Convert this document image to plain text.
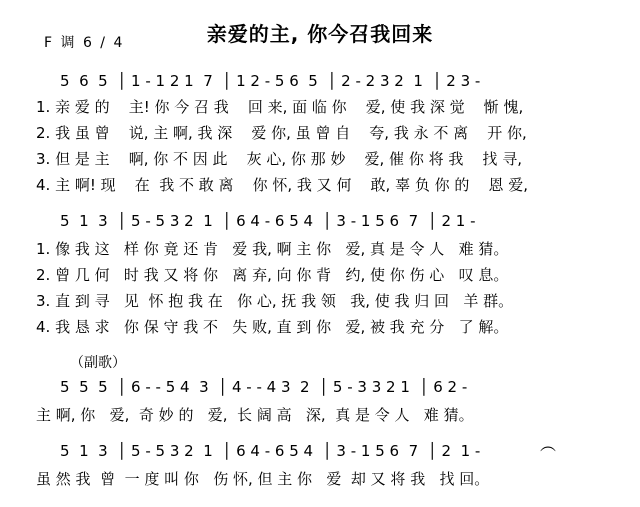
亲爱的主, 你今召我回来
F 调 6 / 4
5  6  5  │ 1 - 1 2 1  7  │ 1 2 - 5 6  5  │ 2 - 2 3 2  1  │ 2 3 -
1. 亲 爱 的    主! 你 今 召 我    回 来, 面 临 你    爱, 使 我 深 觉    惭 愧,
2. 我 虽 曾    说, 主 啊, 我 深    爱 你, 虽 曾 自    夸, 我 永 不 离    开 你,
3. 但 是 主    啊, 你 不 因 此    灰 心, 你 那 妙    爱, 催 你 将 我    找 寻,
4. 主 啊! 现    在  我 不 敢 离    你 怀, 我 又 何    敢, 辜 负 你 的    恩 爱,
5  1  3  │ 5 - 5 3 2  1  │ 6 4 - 6 5 4  │ 3 - 1 5 6  7  │ 2 1 -
1. 像 我 这   样 你 竟 还 肯   爱 我, 啊 主 你   爱, 真 是 令 人   难 猜。
2. 曾 几 何   时 我 又 将 你   离 弃, 向 你 背   约, 使 你 伤 心   叹 息。
3. 直 到 寻   见  怀 抱 我 在   你 心, 抚 我 领   我, 使 我 归 回   羊 群。
4. 我 恳 求   你 保 守 我 不   失 败, 直 到 你   爱, 被 我 充 分   了 解。
（副歌）
5  5  5  │ 6 - - 5 4  3  │ 4 - - 4 3  2  │ 5 - 3 3 2 1  │ 6 2 -
主 啊, 你   爱,  奇 妙 的   爱,  长 阔 高   深,  真 是 令 人   难 猜。
5  1  3  │ 5 - 5 3 2  1  │ 6 4 - 6 5 4  │ 3 - 1 5 6  7  │ 2  1 -	︵
虽 然 我  曾  一 度 叫 你   伤 怀, 但 主 你   爱  却 又 将 我   找 回。
